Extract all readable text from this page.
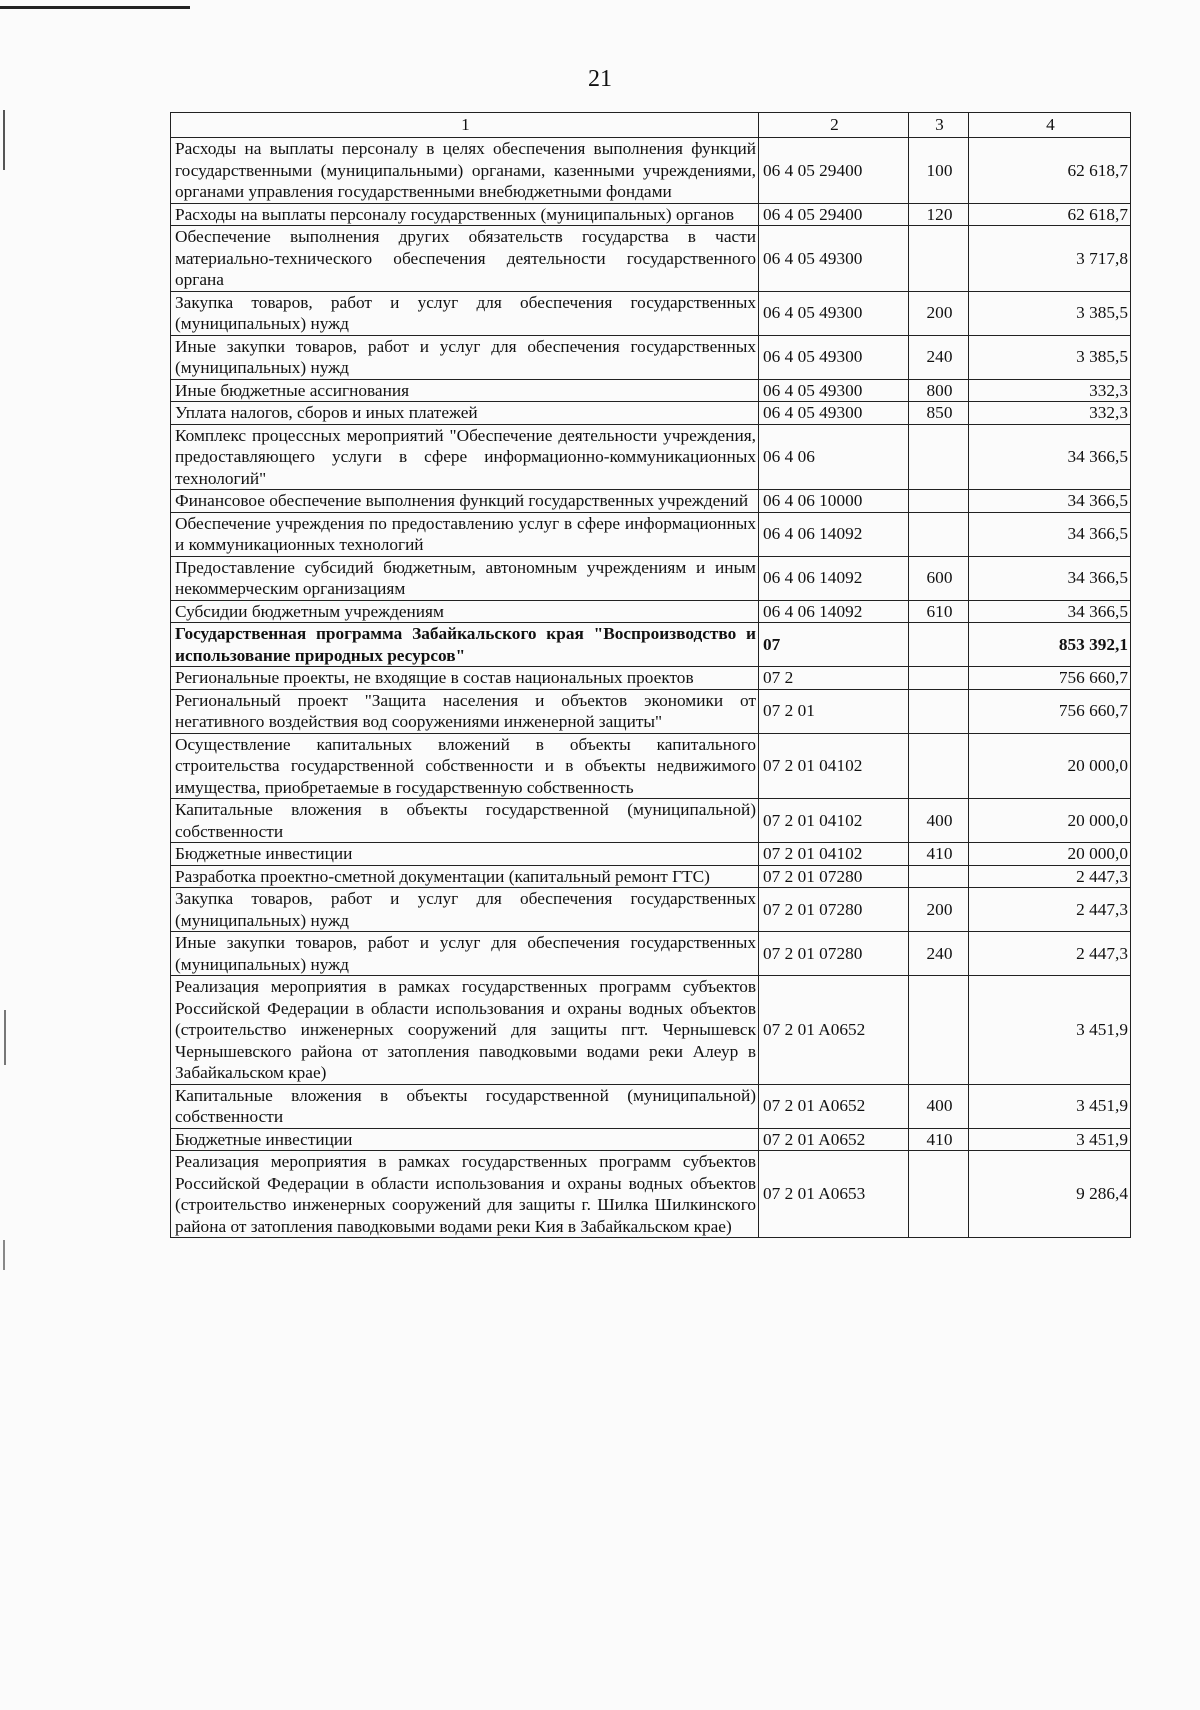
21
1	2	3	4
Расходы на выплаты персоналу в целях обеспечения выполнения функций государственными (муниципальными) органами, казенными учреждениями, органами управления государственными внебюджетными фондами	06 4 05 29400	100	62 618,7
Расходы на выплаты персоналу государственных (муниципальных) органов	06 4 05 29400	120	62 618,7
Обеспечение выполнения других обязательств государства в части материально-технического обеспечения деятельности государственного органа	06 4 05 49300		3 717,8
Закупка товаров, работ и услуг для обеспечения государственных (муниципальных) нужд	06 4 05 49300	200	3 385,5
Иные закупки товаров, работ и услуг для обеспечения государственных (муниципальных) нужд	06 4 05 49300	240	3 385,5
Иные бюджетные ассигнования	06 4 05 49300	800	332,3
Уплата налогов, сборов и иных платежей	06 4 05 49300	850	332,3
Комплекс процессных мероприятий "Обеспечение деятельности учреждения, предоставляющего услуги в сфере информационно-коммуникационных технологий"	06 4 06		34 366,5
Финансовое обеспечение выполнения функций государственных учреждений	06 4 06 10000		34 366,5
Обеспечение учреждения по предоставлению услуг в сфере информационных и коммуникационных технологий	06 4 06 14092		34 366,5
Предоставление субсидий бюджетным, автономным учреждениям и иным некоммерческим организациям	06 4 06 14092	600	34 366,5
Субсидии бюджетным учреждениям	06 4 06 14092	610	34 366,5
Государственная программа Забайкальского края "Воспроизводство и использование природных ресурсов"	07		853 392,1
Региональные проекты, не входящие в состав национальных проектов	07 2		756 660,7
Региональный проект "Защита населения и объектов экономики от негативного воздействия вод сооружениями инженерной защиты"	07 2 01		756 660,7
Осуществление капитальных вложений в объекты капитального строительства государственной собственности и в объекты недвижимого имущества, приобретаемые в государственную собственность	07 2 01 04102		20 000,0
Капитальные вложения в объекты государственной (муниципальной) собственности	07 2 01 04102	400	20 000,0
Бюджетные инвестиции	07 2 01 04102	410	20 000,0
Разработка проектно-сметной документации (капитальный ремонт ГТС)	07 2 01 07280		2 447,3
Закупка товаров, работ и услуг для обеспечения государственных (муниципальных) нужд	07 2 01 07280	200	2 447,3
Иные закупки товаров, работ и услуг для обеспечения государственных (муниципальных) нужд	07 2 01 07280	240	2 447,3
Реализация мероприятия в рамках государственных программ субъектов Российской Федерации в области использования и охраны водных объектов (строительство инженерных сооружений для защиты пгт. Чернышевск Чернышевского района от затопления паводковыми водами реки Алеур в Забайкальском крае)	07 2 01 A0652		3 451,9
Капитальные вложения в объекты государственной (муниципальной) собственности	07 2 01 A0652	400	3 451,9
Бюджетные инвестиции	07 2 01 A0652	410	3 451,9
Реализация мероприятия в рамках государственных программ субъектов Российской Федерации в области использования и охраны водных объектов (строительство инженерных сооружений для защиты г. Шилка Шилкинского района от затопления паводковыми водами реки Кия в Забайкальском крае)	07 2 01 A0653		9 286,4
